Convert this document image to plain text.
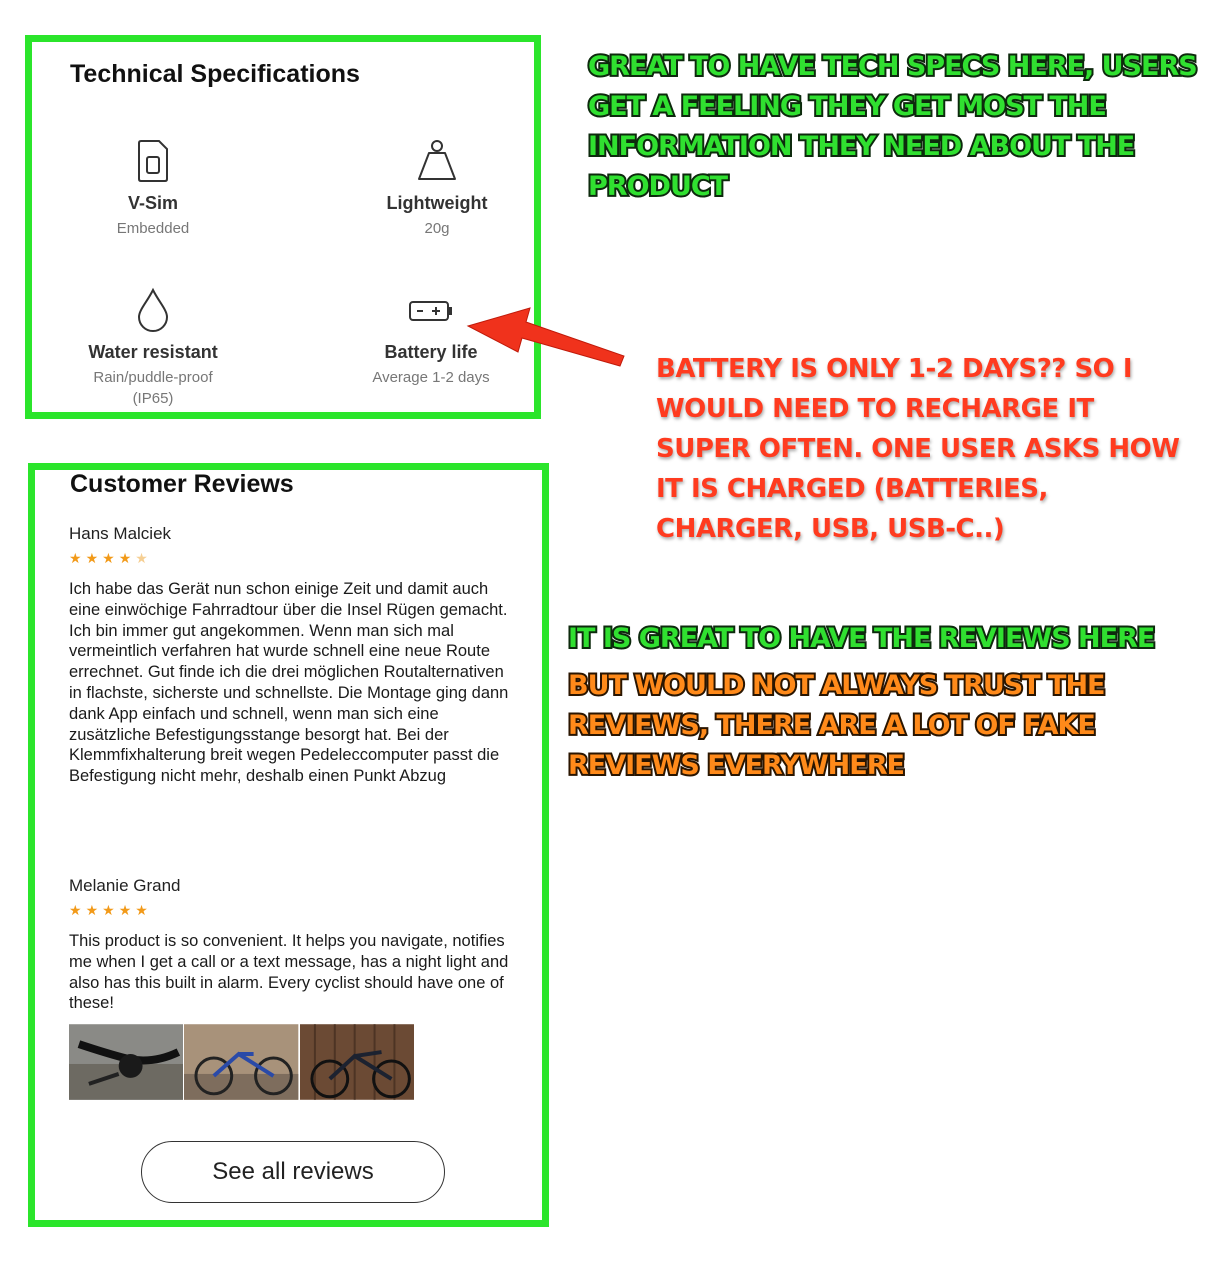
Technical Specifications
V-Sim
Embedded
Lightweight
20g
Water resistant
Rain/puddle-proof (IP65)
Battery life
Average 1-2 days
Customer Reviews
Hans Malciek
★★★★★
Ich habe das Gerät nun schon einige Zeit und damit auch eine einwöchige Fahrradtour über die Insel Rügen gemacht. Ich bin immer gut angekommen. Wenn man sich mal vermeintlich verfahren hat wurde schnell eine neue Route errechnet. Gut finde ich die drei möglichen Routalternativen in flachste, sicherste und schnellste. Die Montage ging dann dank App einfach und schnell, wenn man sich eine zusätzliche Befestigungsstange besorgt hat. Bei der Klemmfixhalterung breit wegen Pedeleccomputer passt die Befestigung nicht mehr, deshalb einen Punkt Abzug
Melanie Grand
★★★★★
This product is so convenient. It helps you navigate, notifies me when I get a call or a text message, has a night light and also has this built in alarm. Every cyclist should have one of these!
See all reviews
GREAT TO HAVE TECH SPECS HERE, USERS GET A FEELING THEY GET MOST THE INFORMATION THEY NEED ABOUT THE PRODUCT
BATTERY IS ONLY 1-2 DAYS?? SO I WOULD NEED TO RECHARGE IT SUPER OFTEN. ONE USER ASKS HOW IT IS CHARGED (BATTERIES, CHARGER, USB, USB-C..)
IT IS GREAT TO HAVE THE REVIEWS HERE
BUT WOULD NOT ALWAYS TRUST THE REVIEWS, THERE ARE A LOT OF FAKE REVIEWS EVERYWHERE
